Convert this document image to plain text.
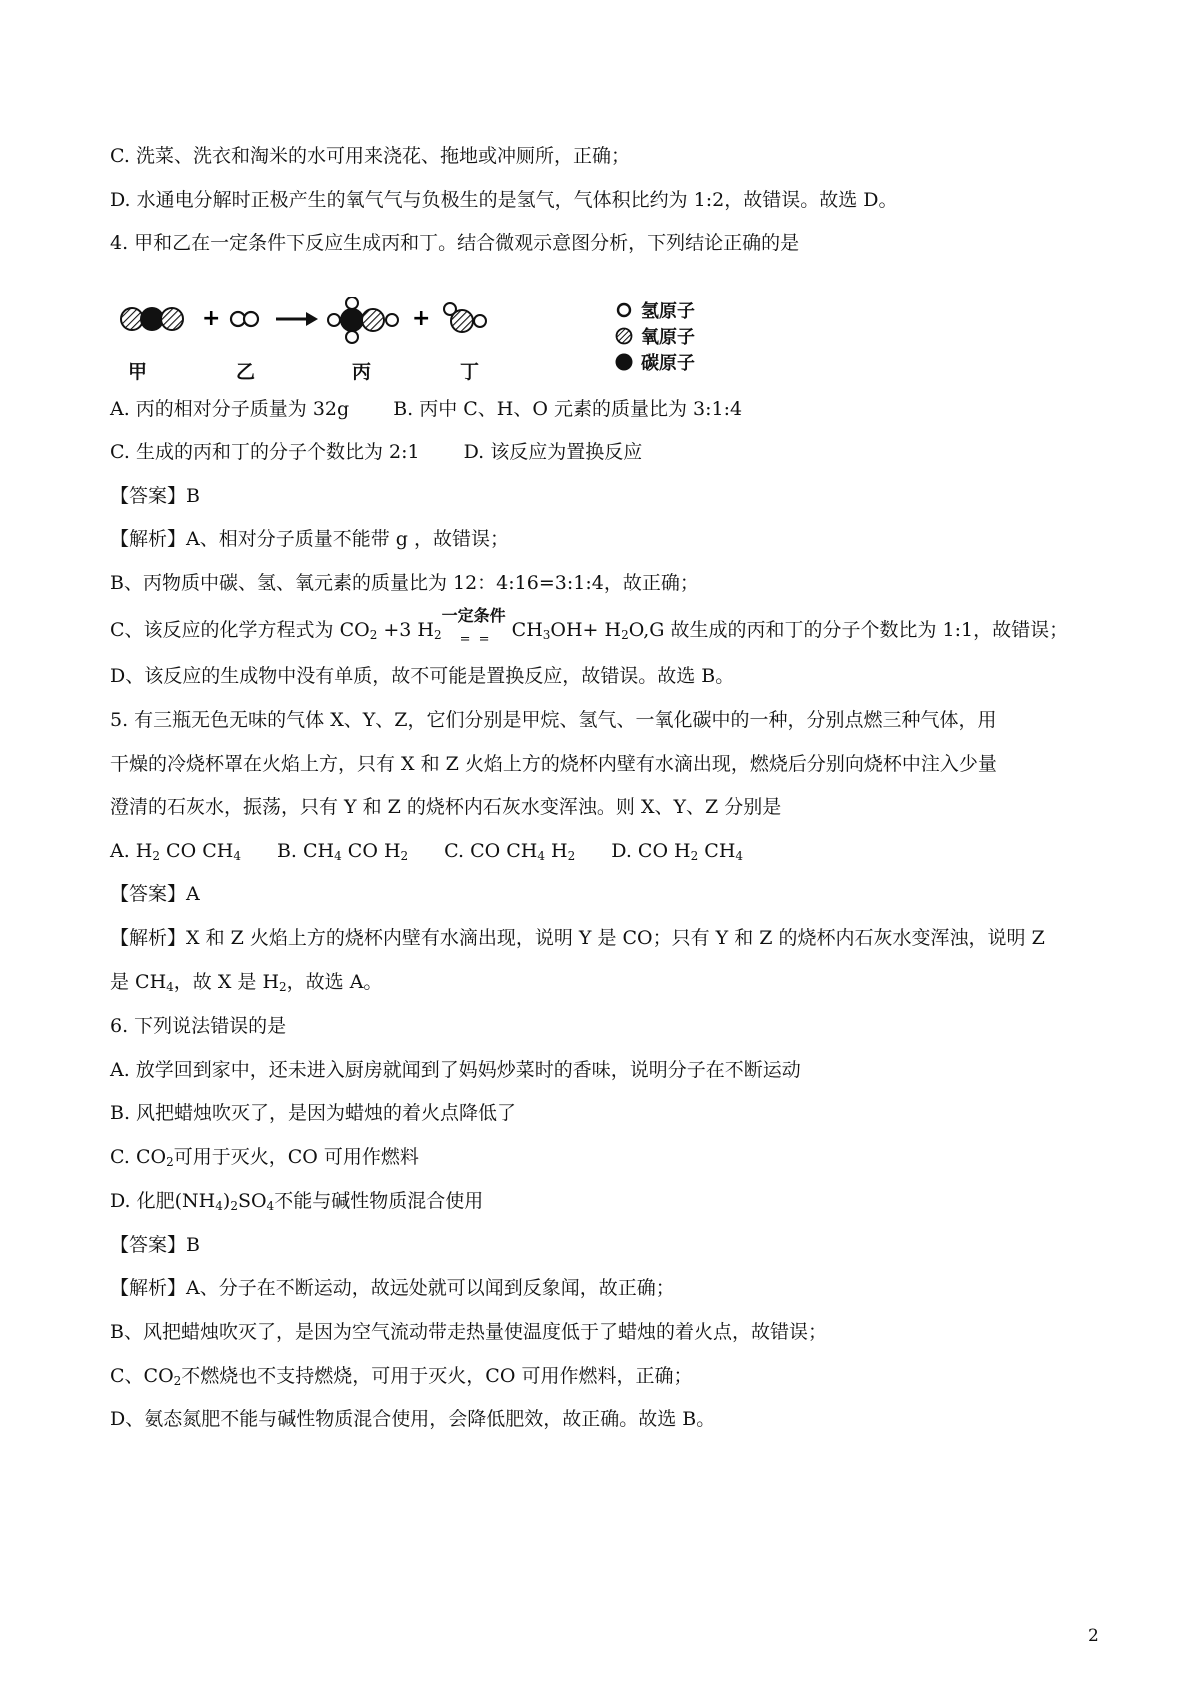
C. 洗菜、洗衣和淘米的水可用来浇花、拖地或冲厕所，正确；
D. 水通电分解时正极产生的氧气气与负极生的是氢气，气体积比约为 1:2，故错误。故选 D。
4. 甲和乙在一定条件下反应生成丙和丁。结合微观示意图分析，下列结论正确的是
+	+
甲	乙	丙	丁
氢原子
氧原子
碳原子
A. 丙的相对分子质量为 32g B. 丙中 C、H、O 元素的质量比为 3:1:4
C. 生成的丙和丁的分子个数比为 2:1 D. 该反应为置换反应
【答案】B
【解析】A、相对分子质量不能带 g ，故错误；
B、丙物质中碳、氢、氧元素的质量比为 12：4:16=3:1:4，故正确；
C、该反应的化学方程式为 $CO_2 +3$ $H_2$
一定条件
= = $CH_3OH+ H_2O,G$ 故生成的丙和丁的分子个数比为 1:1，故错误；
D、该反应的生成物中没有单质，故不可能是置换反应，故错误。故选 B。
5. 有三瓶无色无味的气体 X、Y、Z，它们分别是甲烷、氢气、一氧化碳中的一种，分别点燃三种气体，用
干燥的冷烧杯罩在火焰上方，只有 X 和 Z 火焰上方的烧杯内壁有水滴出现，燃烧后分别向烧杯中注入少量
澄清的石灰水，振荡，只有 Y 和 Z 的烧杯内石灰水变浑浊。则 X、Y、Z 分别是
A. $H_2$ CO $CH_4$ B. $CH_4$ CO $H_2$ C. CO $CH_4$ $H_2$ D. CO $H_2$ $CH_4$
【答案】A
【解析】X 和 Z 火焰上方的烧杯内壁有水滴出现，说明 Y 是 CO；只有 Y 和 Z 的烧杯内石灰水变浑浊，说明 Z
是 $CH_4$，故 X 是 $H_2$，故选 A。
6. 下列说法错误的是
A. 放学回到家中，还未进入厨房就闻到了妈妈炒菜时的香味，说明分子在不断运动
B. 风把蜡烛吹灭了，是因为蜡烛的着火点降低了
C. $CO_2$可用于灭火，CO 可用作燃料
D. 化肥$(NH_4)_2SO_4$不能与碱性物质混合使用
【答案】B
【解析】A、分子在不断运动，故远处就可以闻到反象闻，故正确；
B、风把蜡烛吹灭了，是因为空气流动带走热量使温度低于了蜡烛的着火点，故错误；
C、$CO_2$不燃烧也不支持燃烧，可用于灭火，CO 可用作燃料，正确；
D、氨态氮肥不能与碱性物质混合使用，会降低肥效，故正确。故选 B。
2
